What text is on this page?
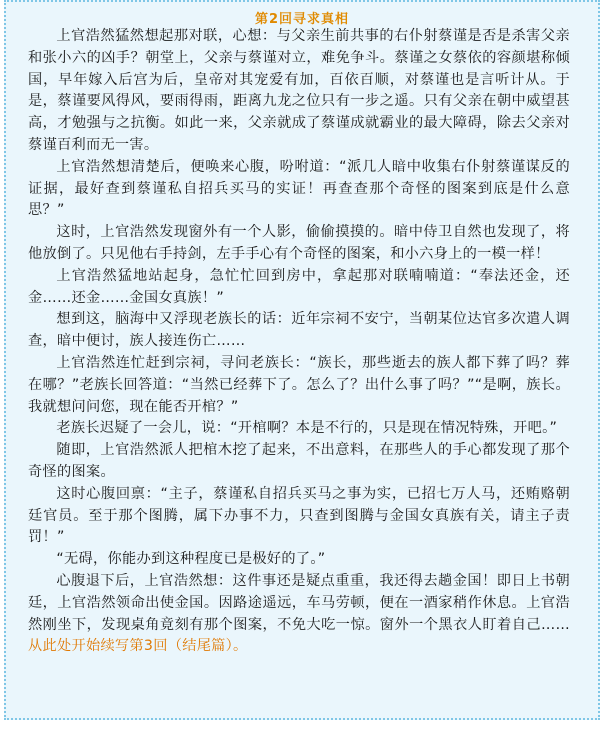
第2回寻求真相

上官浩然猛然想起那对联，心想：与父亲生前共事的右仆射蔡谨是否是杀害父亲和张小六的凶手？朝堂上，父亲与蔡谨对立，难免争斗。蔡谨之女蔡依的容颜堪称倾国，早年嫁入后宫为后，皇帝对其宠爱有加，百依百顺，对蔡谨也是言听计从。于是，蔡谨要风得风，要雨得雨，距离九龙之位只有一步之遥。只有父亲在朝中威望甚高，才勉强与之抗衡。如此一来，父亲就成了蔡谨成就霸业的最大障碍，除去父亲对蔡谨百利而无一害。

上官浩然想清楚后，便唤来心腹，吩咐道：“派几人暗中收集右仆射蔡谨谋反的证据，最好查到蔡谨私自招兵买马的实证！再查查那个奇怪的图案到底是什么意思？”

这时，上官浩然发现窗外有一个人影，偷偷摸摸的。暗中侍卫自然也发现了，将他放倒了。只见他右手持剑，左手手心有个奇怪的图案，和小六身上的一模一样！

上官浩然猛地站起身，急忙忙回到房中，拿起那对联喃喃道：“奉法还金，还金……还金……金国女真族！”

想到这，脑海中又浮现老族长的话：近年宗祠不安宁，当朝某位达官多次遣人调查，暗中便讨，族人接连伤亡……

上官浩然连忙赶到宗祠，寻问老族长：“族长，那些逝去的族人都下葬了吗？葬在哪？”老族长回答道：“当然已经葬下了。怎么了？出什么事了吗？”“是啊，族长。我就想问问您，现在能否开棺？”

老族长迟疑了一会儿，说：“开棺啊？本是不行的，只是现在情况特殊，开吧。”

随即，上官浩然派人把棺木挖了起来，不出意料，在那些人的手心都发现了那个奇怪的图案。

这时心腹回禀：“主子，蔡谨私自招兵买马之事为实，已招七万人马，还贿赂朝廷官员。至于那个图腾，属下办事不力，只查到图腾与金国女真族有关，请主子责罚！”

“无碍，你能办到这种程度已是极好的了。”

心腹退下后，上官浩然想：这件事还是疑点重重，我还得去趟金国！即日上书朝廷，上官浩然领命出使金国。因路途遥远，车马劳顿，便在一酒家稍作休息。上官浩然刚坐下，发现桌角竟刻有那个图案，不免大吃一惊。窗外一个黑衣人盯着自己……从此处开始续写第3回（结尾篇）。
